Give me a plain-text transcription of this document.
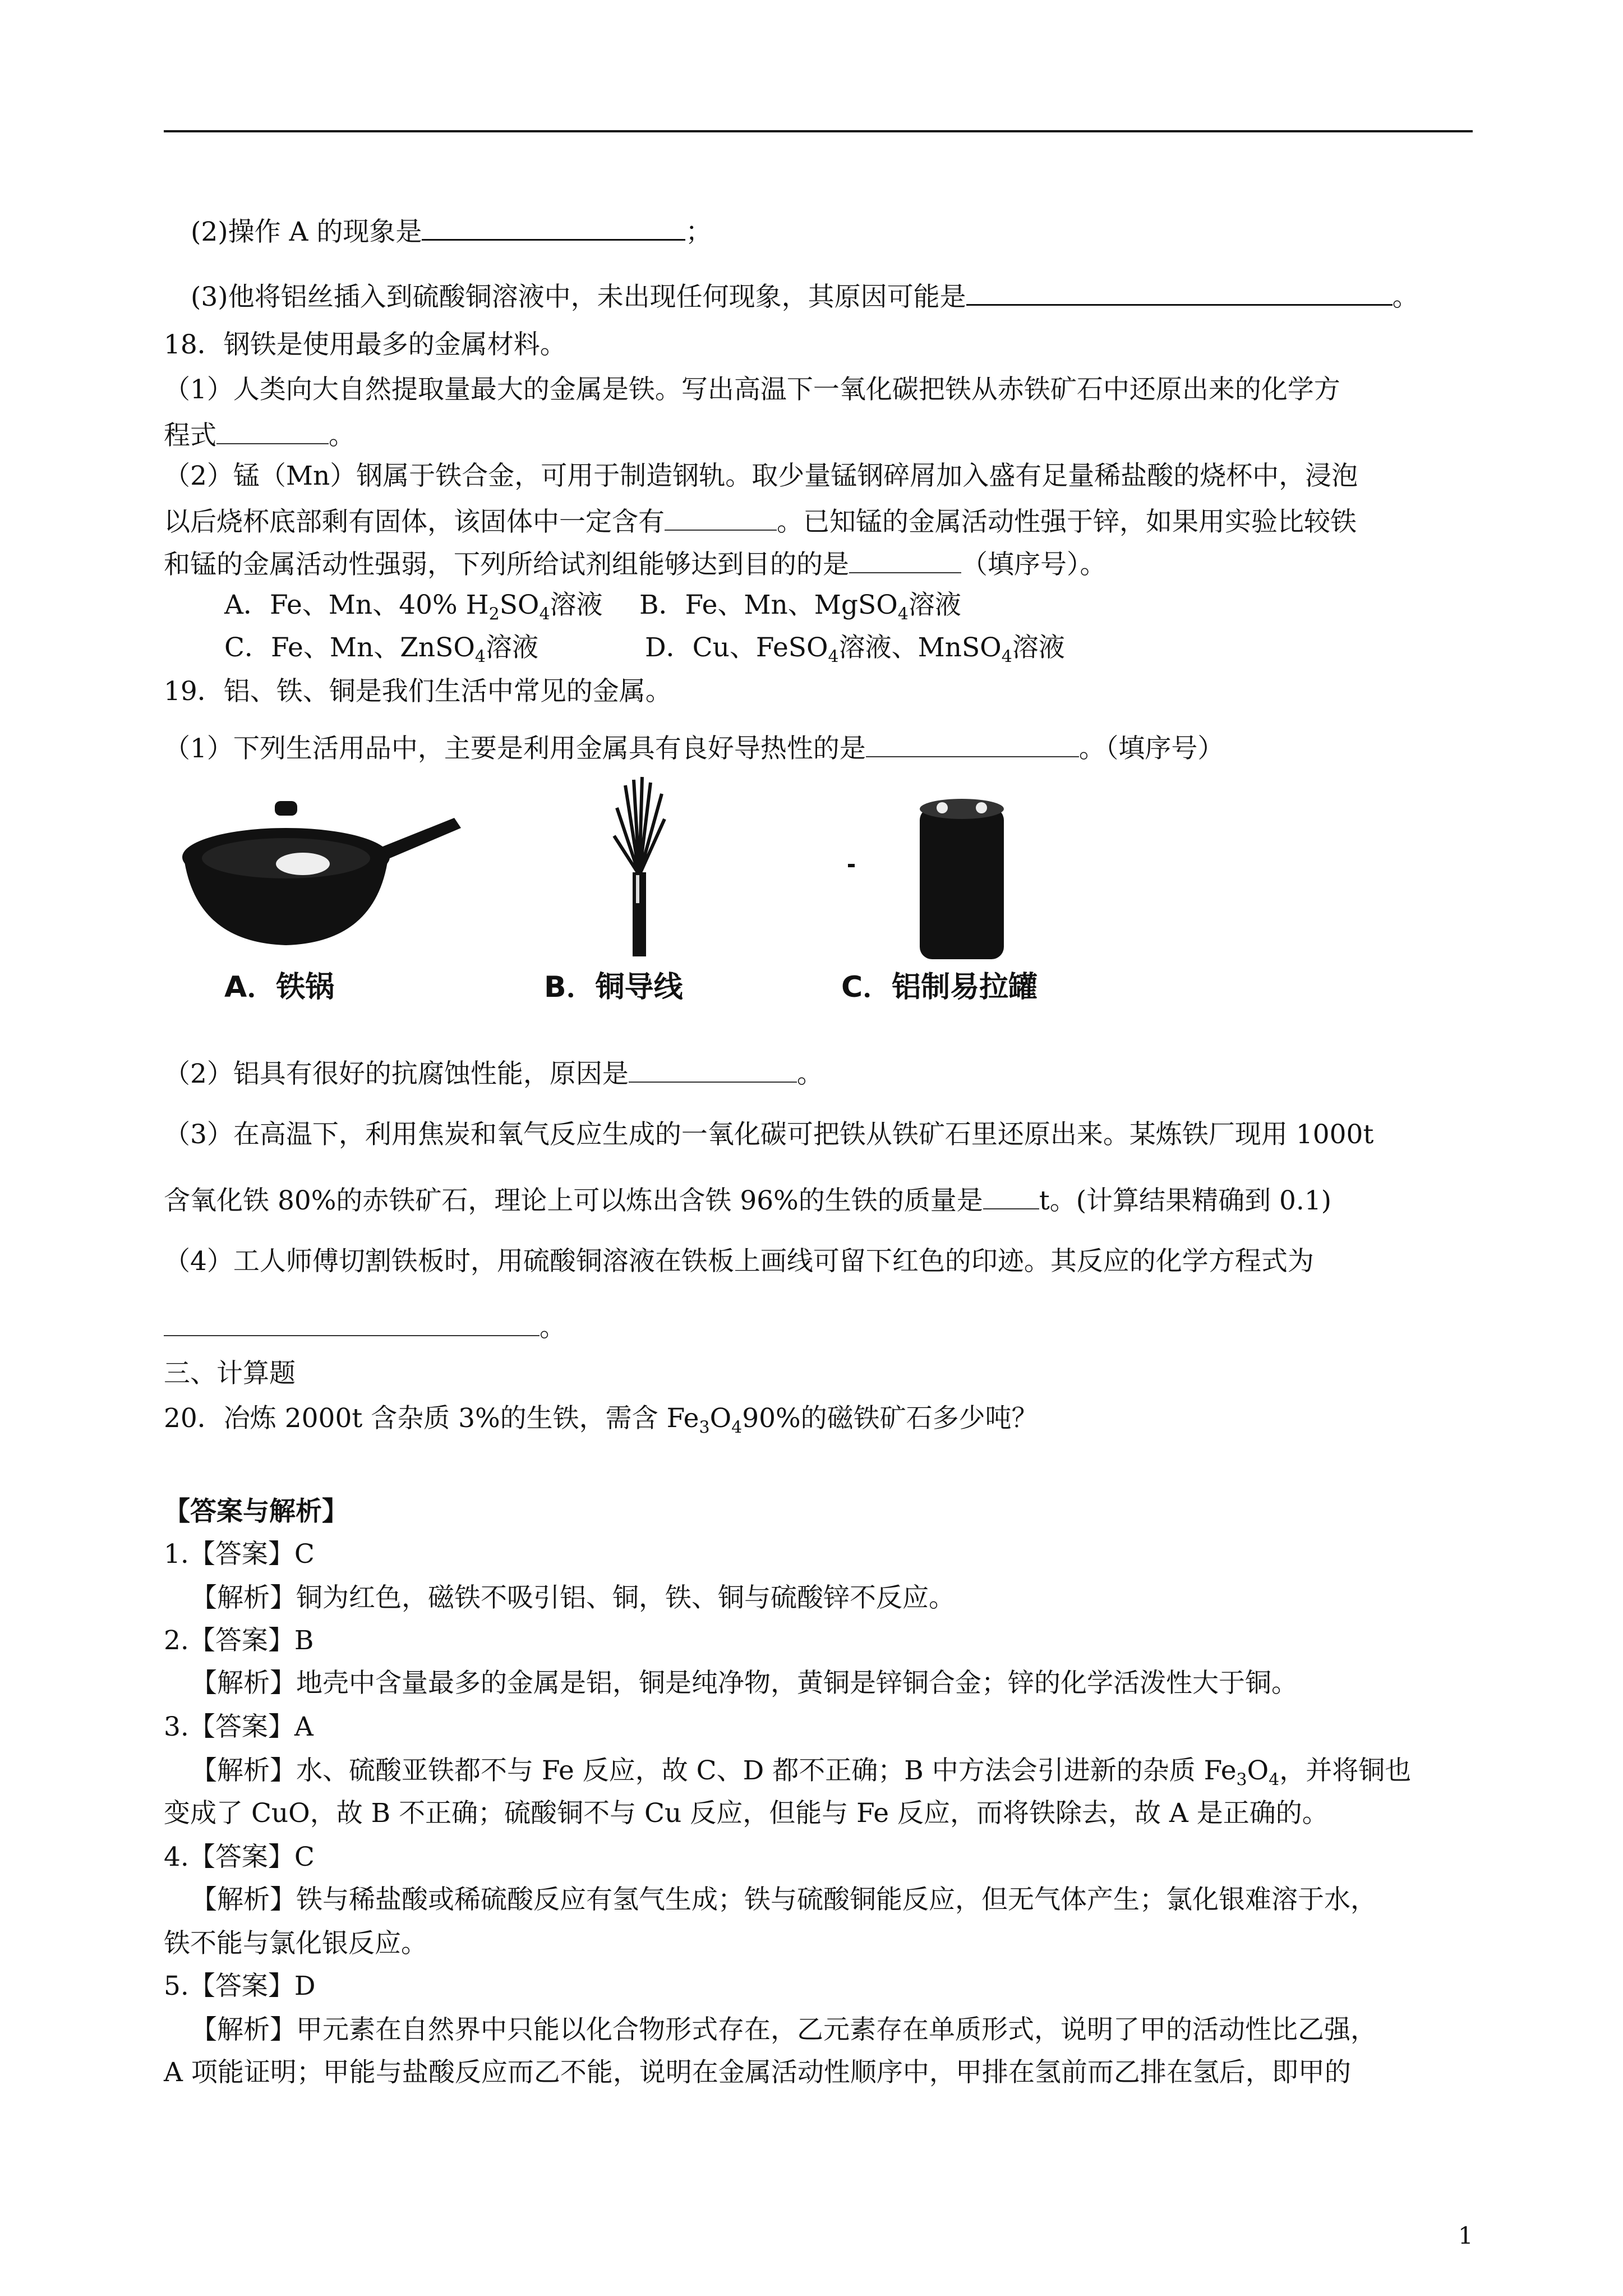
(2)操作 A 的现象是	；
(3)他将铝丝插入到硫酸铜溶液中，未出现任何现象，其原因可能是	。
18．钢铁是使用最多的金属材料。
（1）人类向大自然提取量最大的金属是铁。写出高温下一氧化碳把铁从赤铁矿石中还原出来的化学方
程式	。
（2）锰（Mn）钢属于铁合金，可用于制造钢轨。取少量锰钢碎屑加入盛有足量稀盐酸的烧杯中，浸泡
以后烧杯底部剩有固体，该固体中一定含有	。已知锰的金属活动性强于锌，如果用实验比较铁
和锰的金属活动性强弱，下列所给试剂组能够达到目的的是	（填序号）。
A．Fe、Mn、40% $H_2SO_4$溶液 B．Fe、Mn、MgSO$_4$溶液
C．Fe、Mn、ZnSO$_4$溶液	D．Cu、FeSO$_4$溶液、MnSO$_4$溶液
19．铝、铁、铜是我们生活中常见的金属。
（1）下列生活用品中，主要是利用金属具有良好导热性的是	。（填序号）
A．铁锅	B．铜导线	C．铝制易拉罐
（2）铝具有很好的抗腐蚀性能，原因是	。
（3）在高温下，利用焦炭和氧气反应生成的一氧化碳可把铁从铁矿石里还原出来。某炼铁厂现用 1000t
含氧化铁 80%的赤铁矿石，理论上可以炼出含铁 96%的生铁的质量是 t。(计算结果精确到 0.1)
（4）工人师傅切割铁板时，用硫酸铜溶液在铁板上画线可留下红色的印迹。其反应的化学方程式为
。
三、计算题
20．冶炼 2000t 含杂质 3%的生铁，需含 $Fe_3O_490\%$的磁铁矿石多少吨？
【答案与解析】
1.【答案】C
【解析】铜为红色，磁铁不吸引铝、铜，铁、铜与硫酸锌不反应。
2.【答案】B
【解析】地壳中含量最多的金属是铝，铜是纯净物，黄铜是锌铜合金；锌的化学活泼性大于铜。
3.【答案】A
【解析】水、硫酸亚铁都不与 Fe 反应，故 C、D 都不正确；B 中方法会引进新的杂质 $Fe_3O_4$，并将铜也
变成了 CuO，故 B 不正确；硫酸铜不与 Cu 反应，但能与 Fe 反应，而将铁除去，故 A 是正确的。
4.【答案】C
【解析】铁与稀盐酸或稀硫酸反应有氢气生成；铁与硫酸铜能反应，但无气体产生；氯化银难溶于水，
铁不能与氯化银反应。
5.【答案】D
【解析】甲元素在自然界中只能以化合物形式存在，乙元素存在单质形式，说明了甲的活动性比乙强，
A 项能证明；甲能与盐酸反应而乙不能，说明在金属活动性顺序中，甲排在氢前而乙排在氢后，即甲的
1
